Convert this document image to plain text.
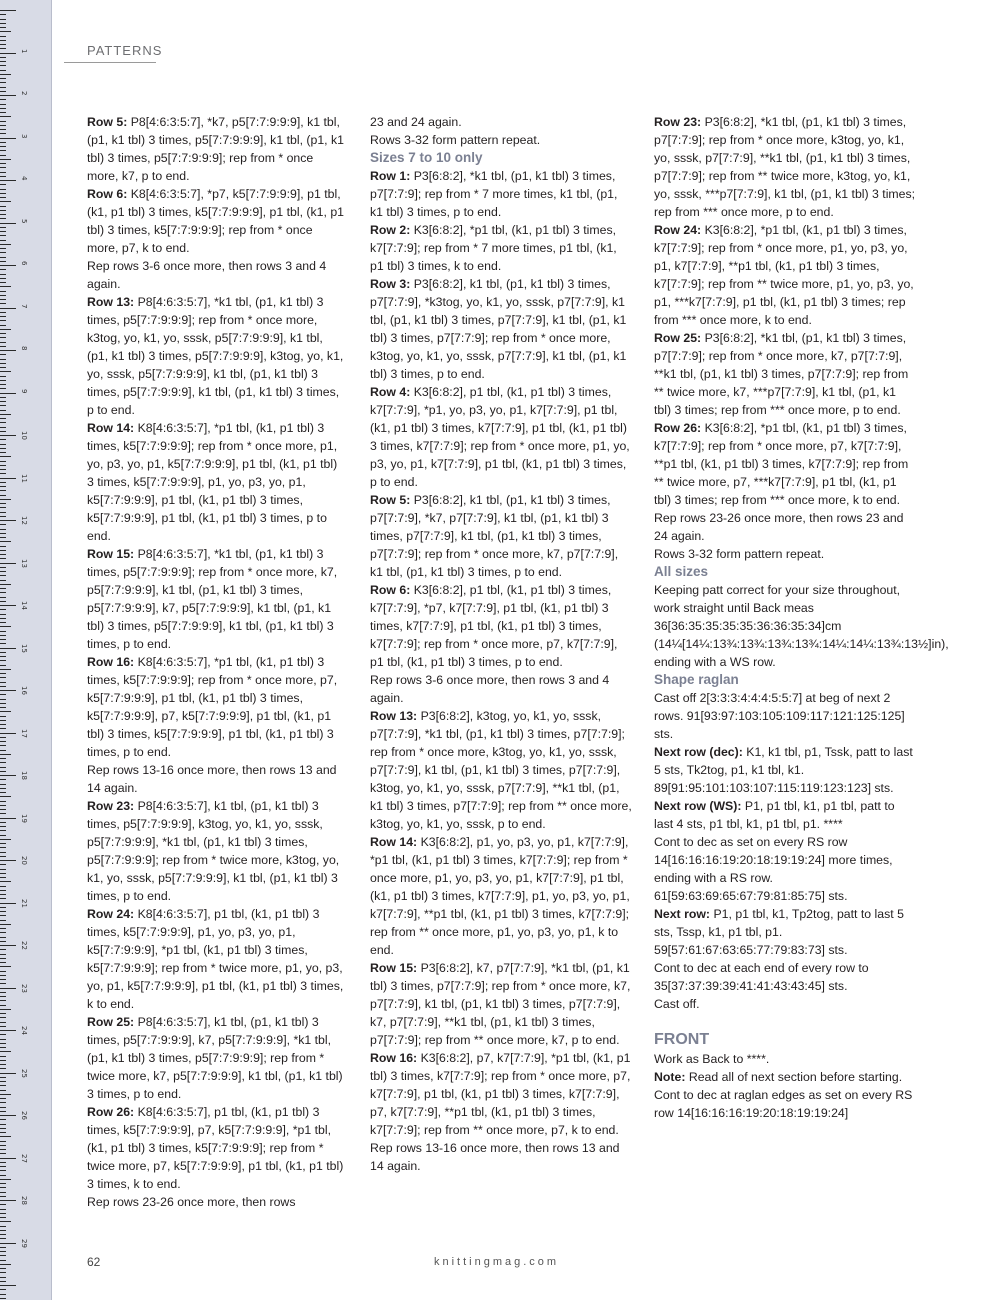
1
2
3
4
5
6
7
8
9
10
11
12
13
14
15
16
17
18
19
20
21
22
23
24
25
26
27
28
29
PATTERNS

Row 5: P8[4:6:3:5:7], *k7, p5[7:7:9:9:9], k1 tbl, (p1, k1 tbl) 3 times, p5[7:7:9:9:9], k1 tbl, (p1, k1 tbl) 3 times, p5[7:7:9:9:9]; rep from * once more, k7, p to end.

Row 6: K8[4:6:3:5:7], *p7, k5[7:7:9:9:9], p1 tbl, (k1, p1 tbl) 3 times, k5[7:7:9:9:9], p1 tbl, (k1, p1 tbl) 3 times, k5[7:7:9:9:9]; rep from * once more, p7, k to end.

Rep rows 3-6 once more, then rows 3 and 4 again.

Row 13: P8[4:6:3:5:7], *k1 tbl, (p1, k1 tbl) 3 times, p5[7:7:9:9:9]; rep from * once more, k3tog, yo, k1, yo, sssk, p5[7:7:9:9:9], k1 tbl, (p1, k1 tbl) 3 times, p5[7:7:9:9:9], k3tog, yo, k1, yo, sssk, p5[7:7:9:9:9], k1 tbl, (p1, k1 tbl) 3 times, p5[7:7:9:9:9], k1 tbl, (p1, k1 tbl) 3 times, p to end.

Row 14: K8[4:6:3:5:7], *p1 tbl, (k1, p1 tbl) 3 times, k5[7:7:9:9:9]; rep from * once more, p1, yo, p3, yo, p1, k5[7:7:9:9:9], p1 tbl, (k1, p1 tbl) 3 times, k5[7:7:9:9:9], p1, yo, p3, yo, p1, k5[7:7:9:9:9], p1 tbl, (k1, p1 tbl) 3 times, k5[7:7:9:9:9], p1 tbl, (k1, p1 tbl) 3 times, p to end.

Row 15: P8[4:6:3:5:7], *k1 tbl, (p1, k1 tbl) 3 times, p5[7:7:9:9:9]; rep from * once more, k7, p5[7:7:9:9:9], k1 tbl, (p1, k1 tbl) 3 times, p5[7:7:9:9:9], k7, p5[7:7:9:9:9], k1 tbl, (p1, k1 tbl) 3 times, p5[7:7:9:9:9], k1 tbl, (p1, k1 tbl) 3 times, p to end.

Row 16: K8[4:6:3:5:7], *p1 tbl, (k1, p1 tbl) 3 times, k5[7:7:9:9:9]; rep from * once more, p7, k5[7:7:9:9:9], p1 tbl, (k1, p1 tbl) 3 times, k5[7:7:9:9:9], p7, k5[7:7:9:9:9], p1 tbl, (k1, p1 tbl) 3 times, k5[7:7:9:9:9], p1 tbl, (k1, p1 tbl) 3 times, p to end.

Rep rows 13-16 once more, then rows 13 and 14 again.

Row 23: P8[4:6:3:5:7], k1 tbl, (p1, k1 tbl) 3 times, p5[7:7:9:9:9], k3tog, yo, k1, yo, sssk, p5[7:7:9:9:9], *k1 tbl, (p1, k1 tbl) 3 times, p5[7:7:9:9:9]; rep from * twice more, k3tog, yo, k1, yo, sssk, p5[7:7:9:9:9], k1 tbl, (p1, k1 tbl) 3 times, p to end.

Row 24: K8[4:6:3:5:7], p1 tbl, (k1, p1 tbl) 3 times, k5[7:7:9:9:9], p1, yo, p3, yo, p1, k5[7:7:9:9:9], *p1 tbl, (k1, p1 tbl) 3 times, k5[7:7:9:9:9]; rep from * twice more, p1, yo, p3, yo, p1, k5[7:7:9:9:9], p1 tbl, (k1, p1 tbl) 3 times, k to end.

Row 25: P8[4:6:3:5:7], k1 tbl, (p1, k1 tbl) 3 times, p5[7:7:9:9:9], k7, p5[7:7:9:9:9], *k1 tbl, (p1, k1 tbl) 3 times, p5[7:7:9:9:9]; rep from * twice more, k7, p5[7:7:9:9:9], k1 tbl, (p1, k1 tbl) 3 times, p to end.

Row 26: K8[4:6:3:5:7], p1 tbl, (k1, p1 tbl) 3 times, k5[7:7:9:9:9], p7, k5[7:7:9:9:9], *p1 tbl, (k1, p1 tbl) 3 times, k5[7:7:9:9:9]; rep from * twice more, p7, k5[7:7:9:9:9], p1 tbl, (k1, p1 tbl) 3 times, k to end.

Rep rows 23-26 once more, then rows

23 and 24 again.

Rows 3-32 form pattern repeat.

Sizes 7 to 10 only

Row 1: P3[6:8:2], *k1 tbl, (p1, k1 tbl) 3 times, p7[7:7:9]; rep from * 7 more times, k1 tbl, (p1, k1 tbl) 3 times, p to end.

Row 2: K3[6:8:2], *p1 tbl, (k1, p1 tbl) 3 times, k7[7:7:9]; rep from * 7 more times, p1 tbl, (k1, p1 tbl) 3 times, k to end.

Row 3: P3[6:8:2], k1 tbl, (p1, k1 tbl) 3 times, p7[7:7:9], *k3tog, yo, k1, yo, sssk, p7[7:7:9], k1 tbl, (p1, k1 tbl) 3 times, p7[7:7:9], k1 tbl, (p1, k1 tbl) 3 times, p7[7:7:9]; rep from * once more, k3tog, yo, k1, yo, sssk, p7[7:7:9], k1 tbl, (p1, k1 tbl) 3 times, p to end.

Row 4: K3[6:8:2], p1 tbl, (k1, p1 tbl) 3 times, k7[7:7:9], *p1, yo, p3, yo, p1, k7[7:7:9], p1 tbl, (k1, p1 tbl) 3 times, k7[7:7:9], p1 tbl, (k1, p1 tbl) 3 times, k7[7:7:9]; rep from * once more, p1, yo, p3, yo, p1, k7[7:7:9], p1 tbl, (k1, p1 tbl) 3 times, p to end.

Row 5: P3[6:8:2], k1 tbl, (p1, k1 tbl) 3 times, p7[7:7:9], *k7, p7[7:7:9], k1 tbl, (p1, k1 tbl) 3 times, p7[7:7:9], k1 tbl, (p1, k1 tbl) 3 times, p7[7:7:9]; rep from * once more, k7, p7[7:7:9], k1 tbl, (p1, k1 tbl) 3 times, p to end.

Row 6: K3[6:8:2], p1 tbl, (k1, p1 tbl) 3 times, k7[7:7:9], *p7, k7[7:7:9], p1 tbl, (k1, p1 tbl) 3 times, k7[7:7:9], p1 tbl, (k1, p1 tbl) 3 times, k7[7:7:9]; rep from * once more, p7, k7[7:7:9], p1 tbl, (k1, p1 tbl) 3 times, p to end.

Rep rows 3-6 once more, then rows 3 and 4 again.

Row 13: P3[6:8:2], k3tog, yo, k1, yo, sssk, p7[7:7:9], *k1 tbl, (p1, k1 tbl) 3 times, p7[7:7:9]; rep from * once more, k3tog, yo, k1, yo, sssk, p7[7:7:9], k1 tbl, (p1, k1 tbl) 3 times, p7[7:7:9], k3tog, yo, k1, yo, sssk, p7[7:7:9], **k1 tbl, (p1, k1 tbl) 3 times, p7[7:7:9]; rep from ** once more, k3tog, yo, k1, yo, sssk, p to end.

Row 14: K3[6:8:2], p1, yo, p3, yo, p1, k7[7:7:9], *p1 tbl, (k1, p1 tbl) 3 times, k7[7:7:9]; rep from * once more, p1, yo, p3, yo, p1, k7[7:7:9], p1 tbl, (k1, p1 tbl) 3 times, k7[7:7:9], p1, yo, p3, yo, p1, k7[7:7:9], **p1 tbl, (k1, p1 tbl) 3 times, k7[7:7:9]; rep from ** once more, p1, yo, p3, yo, p1, k to end.

Row 15: P3[6:8:2], k7, p7[7:7:9], *k1 tbl, (p1, k1 tbl) 3 times, p7[7:7:9]; rep from * once more, k7, p7[7:7:9], k1 tbl, (p1, k1 tbl) 3 times, p7[7:7:9], k7, p7[7:7:9], **k1 tbl, (p1, k1 tbl) 3 times, p7[7:7:9]; rep from ** once more, k7, p to end.

Row 16: K3[6:8:2], p7, k7[7:7:9], *p1 tbl, (k1, p1 tbl) 3 times, k7[7:7:9]; rep from * once more, p7, k7[7:7:9], p1 tbl, (k1, p1 tbl) 3 times, k7[7:7:9], p7, k7[7:7:9], **p1 tbl, (k1, p1 tbl) 3 times, k7[7:7:9]; rep from ** once more, p7, k to end.

Rep rows 13-16 once more, then rows 13 and 14 again.

Row 23: P3[6:8:2], *k1 tbl, (p1, k1 tbl) 3 times, p7[7:7:9]; rep from * once more, k3tog, yo, k1, yo, sssk, p7[7:7:9], **k1 tbl, (p1, k1 tbl) 3 times, p7[7:7:9]; rep from ** twice more, k3tog, yo, k1, yo, sssk, ***p7[7:7:9], k1 tbl, (p1, k1 tbl) 3 times; rep from *** once more, p to end.

Row 24: K3[6:8:2], *p1 tbl, (k1, p1 tbl) 3 times, k7[7:7:9]; rep from * once more, p1, yo, p3, yo, p1, k7[7:7:9], **p1 tbl, (k1, p1 tbl) 3 times, k7[7:7:9]; rep from ** twice more, p1, yo, p3, yo, p1, ***k7[7:7:9], p1 tbl, (k1, p1 tbl) 3 times; rep from *** once more, k to end.

Row 25: P3[6:8:2], *k1 tbl, (p1, k1 tbl) 3 times, p7[7:7:9]; rep from * once more, k7, p7[7:7:9], **k1 tbl, (p1, k1 tbl) 3 times, p7[7:7:9]; rep from ** twice more, k7, ***p7[7:7:9], k1 tbl, (p1, k1 tbl) 3 times; rep from *** once more, p to end.

Row 26: K3[6:8:2], *p1 tbl, (k1, p1 tbl) 3 times, k7[7:7:9]; rep from * once more, p7, k7[7:7:9], **p1 tbl, (k1, p1 tbl) 3 times, k7[7:7:9]; rep from ** twice more, p7, ***k7[7:7:9], p1 tbl, (k1, p1 tbl) 3 times; rep from *** once more, k to end.

Rep rows 23-26 once more, then rows 23 and 24 again.

Rows 3-32 form pattern repeat.

All sizes

Keeping patt correct for your size throughout, work straight until Back meas 36[36:35:35:35:35:36:36:35:34]cm (14¼[14¼:13¾:13¾:13¾:13¾:14¼:14¼:13¾:13½]in), ending with a WS row.

Shape raglan

Cast off 2[3:3:3:4:4:4:5:5:7] at beg of next 2 rows. 91[93:97:103:105:109:117:121:125:125] sts.

Next row (dec): K1, k1 tbl, p1, Tssk, patt to last 5 sts, Tk2tog, p1, k1 tbl, k1. 89[91:95:101:103:107:115:119:123:123] sts.

Next row (WS): P1, p1 tbl, k1, p1 tbl, patt to last 4 sts, p1 tbl, k1, p1 tbl, p1. ****

Cont to dec as set on every RS row 14[16:16:16:19:20:18:19:19:24] more times, ending with a RS row. 61[59:63:69:65:67:79:81:85:75] sts.

Next row: P1, p1 tbl, k1, Tp2tog, patt to last 5 sts, Tssp, k1, p1 tbl, p1. 59[57:61:67:63:65:77:79:83:73] sts.

Cont to dec at each end of every row to 35[37:37:39:39:41:41:43:43:45] sts.

Cast off.

FRONT

Work as Back to ****.

Note: Read all of next section before starting.

Cont to dec at raglan edges as set on every RS row 14[16:16:16:19:20:18:19:19:24]

62	knittingmag.com
